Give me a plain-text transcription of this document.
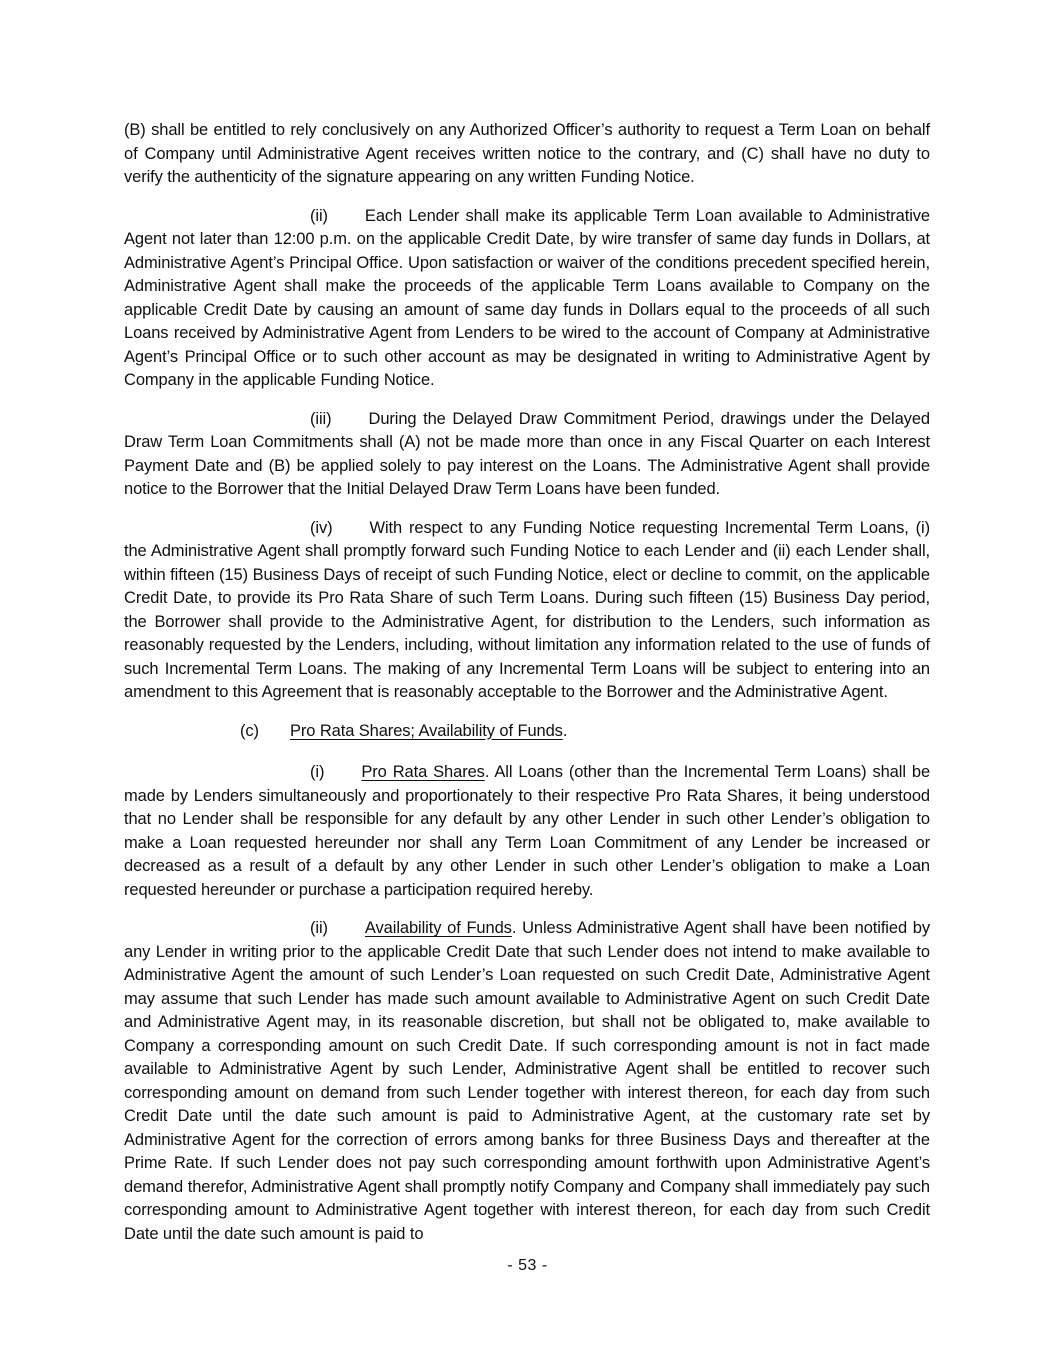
(B) shall be entitled to rely conclusively on any Authorized Officer’s authority to request a Term Loan on behalf of Company until Administrative Agent receives written notice to the contrary, and (C) shall have no duty to verify the authenticity of the signature appearing on any written Funding Notice.

(ii) Each Lender shall make its applicable Term Loan available to Administrative Agent not later than 12:00 p.m. on the applicable Credit Date, by wire transfer of same day funds in Dollars, at Administrative Agent’s Principal Office. Upon satisfaction or waiver of the conditions precedent specified herein, Administrative Agent shall make the proceeds of the applicable Term Loans available to Company on the applicable Credit Date by causing an amount of same day funds in Dollars equal to the proceeds of all such Loans received by Administrative Agent from Lenders to be wired to the account of Company at Administrative Agent’s Principal Office or to such other account as may be designated in writing to Administrative Agent by Company in the applicable Funding Notice.

(iii) During the Delayed Draw Commitment Period, drawings under the Delayed Draw Term Loan Commitments shall (A) not be made more than once in any Fiscal Quarter on each Interest Payment Date and (B) be applied solely to pay interest on the Loans. The Administrative Agent shall provide notice to the Borrower that the Initial Delayed Draw Term Loans have been funded.

(iv) With respect to any Funding Notice requesting Incremental Term Loans, (i) the Administrative Agent shall promptly forward such Funding Notice to each Lender and (ii) each Lender shall, within fifteen (15) Business Days of receipt of such Funding Notice, elect or decline to commit, on the applicable Credit Date, to provide its Pro Rata Share of such Term Loans. During such fifteen (15) Business Day period, the Borrower shall provide to the Administrative Agent, for distribution to the Lenders, such information as reasonably requested by the Lenders, including, without limitation any information related to the use of funds of such Incremental Term Loans. The making of any Incremental Term Loans will be subject to entering into an amendment to this Agreement that is reasonably acceptable to the Borrower and the Administrative Agent.

(c) Pro Rata Shares; Availability of Funds.

(i) Pro Rata Shares. All Loans (other than the Incremental Term Loans) shall be made by Lenders simultaneously and proportionately to their respective Pro Rata Shares, it being understood that no Lender shall be responsible for any default by any other Lender in such other Lender’s obligation to make a Loan requested hereunder nor shall any Term Loan Commitment of any Lender be increased or decreased as a result of a default by any other Lender in such other Lender’s obligation to make a Loan requested hereunder or purchase a participation required hereby.

(ii) Availability of Funds. Unless Administrative Agent shall have been notified by any Lender in writing prior to the applicable Credit Date that such Lender does not intend to make available to Administrative Agent the amount of such Lender’s Loan requested on such Credit Date, Administrative Agent may assume that such Lender has made such amount available to Administrative Agent on such Credit Date and Administrative Agent may, in its reasonable discretion, but shall not be obligated to, make available to Company a corresponding amount on such Credit Date. If such corresponding amount is not in fact made available to Administrative Agent by such Lender, Administrative Agent shall be entitled to recover such corresponding amount on demand from such Lender together with interest thereon, for each day from such Credit Date until the date such amount is paid to Administrative Agent, at the customary rate set by Administrative Agent for the correction of errors among banks for three Business Days and thereafter at the Prime Rate. If such Lender does not pay such corresponding amount forthwith upon Administrative Agent’s demand therefor, Administrative Agent shall promptly notify Company and Company shall immediately pay such corresponding amount to Administrative Agent together with interest thereon, for each day from such Credit Date until the date such amount is paid to

- 53 -
